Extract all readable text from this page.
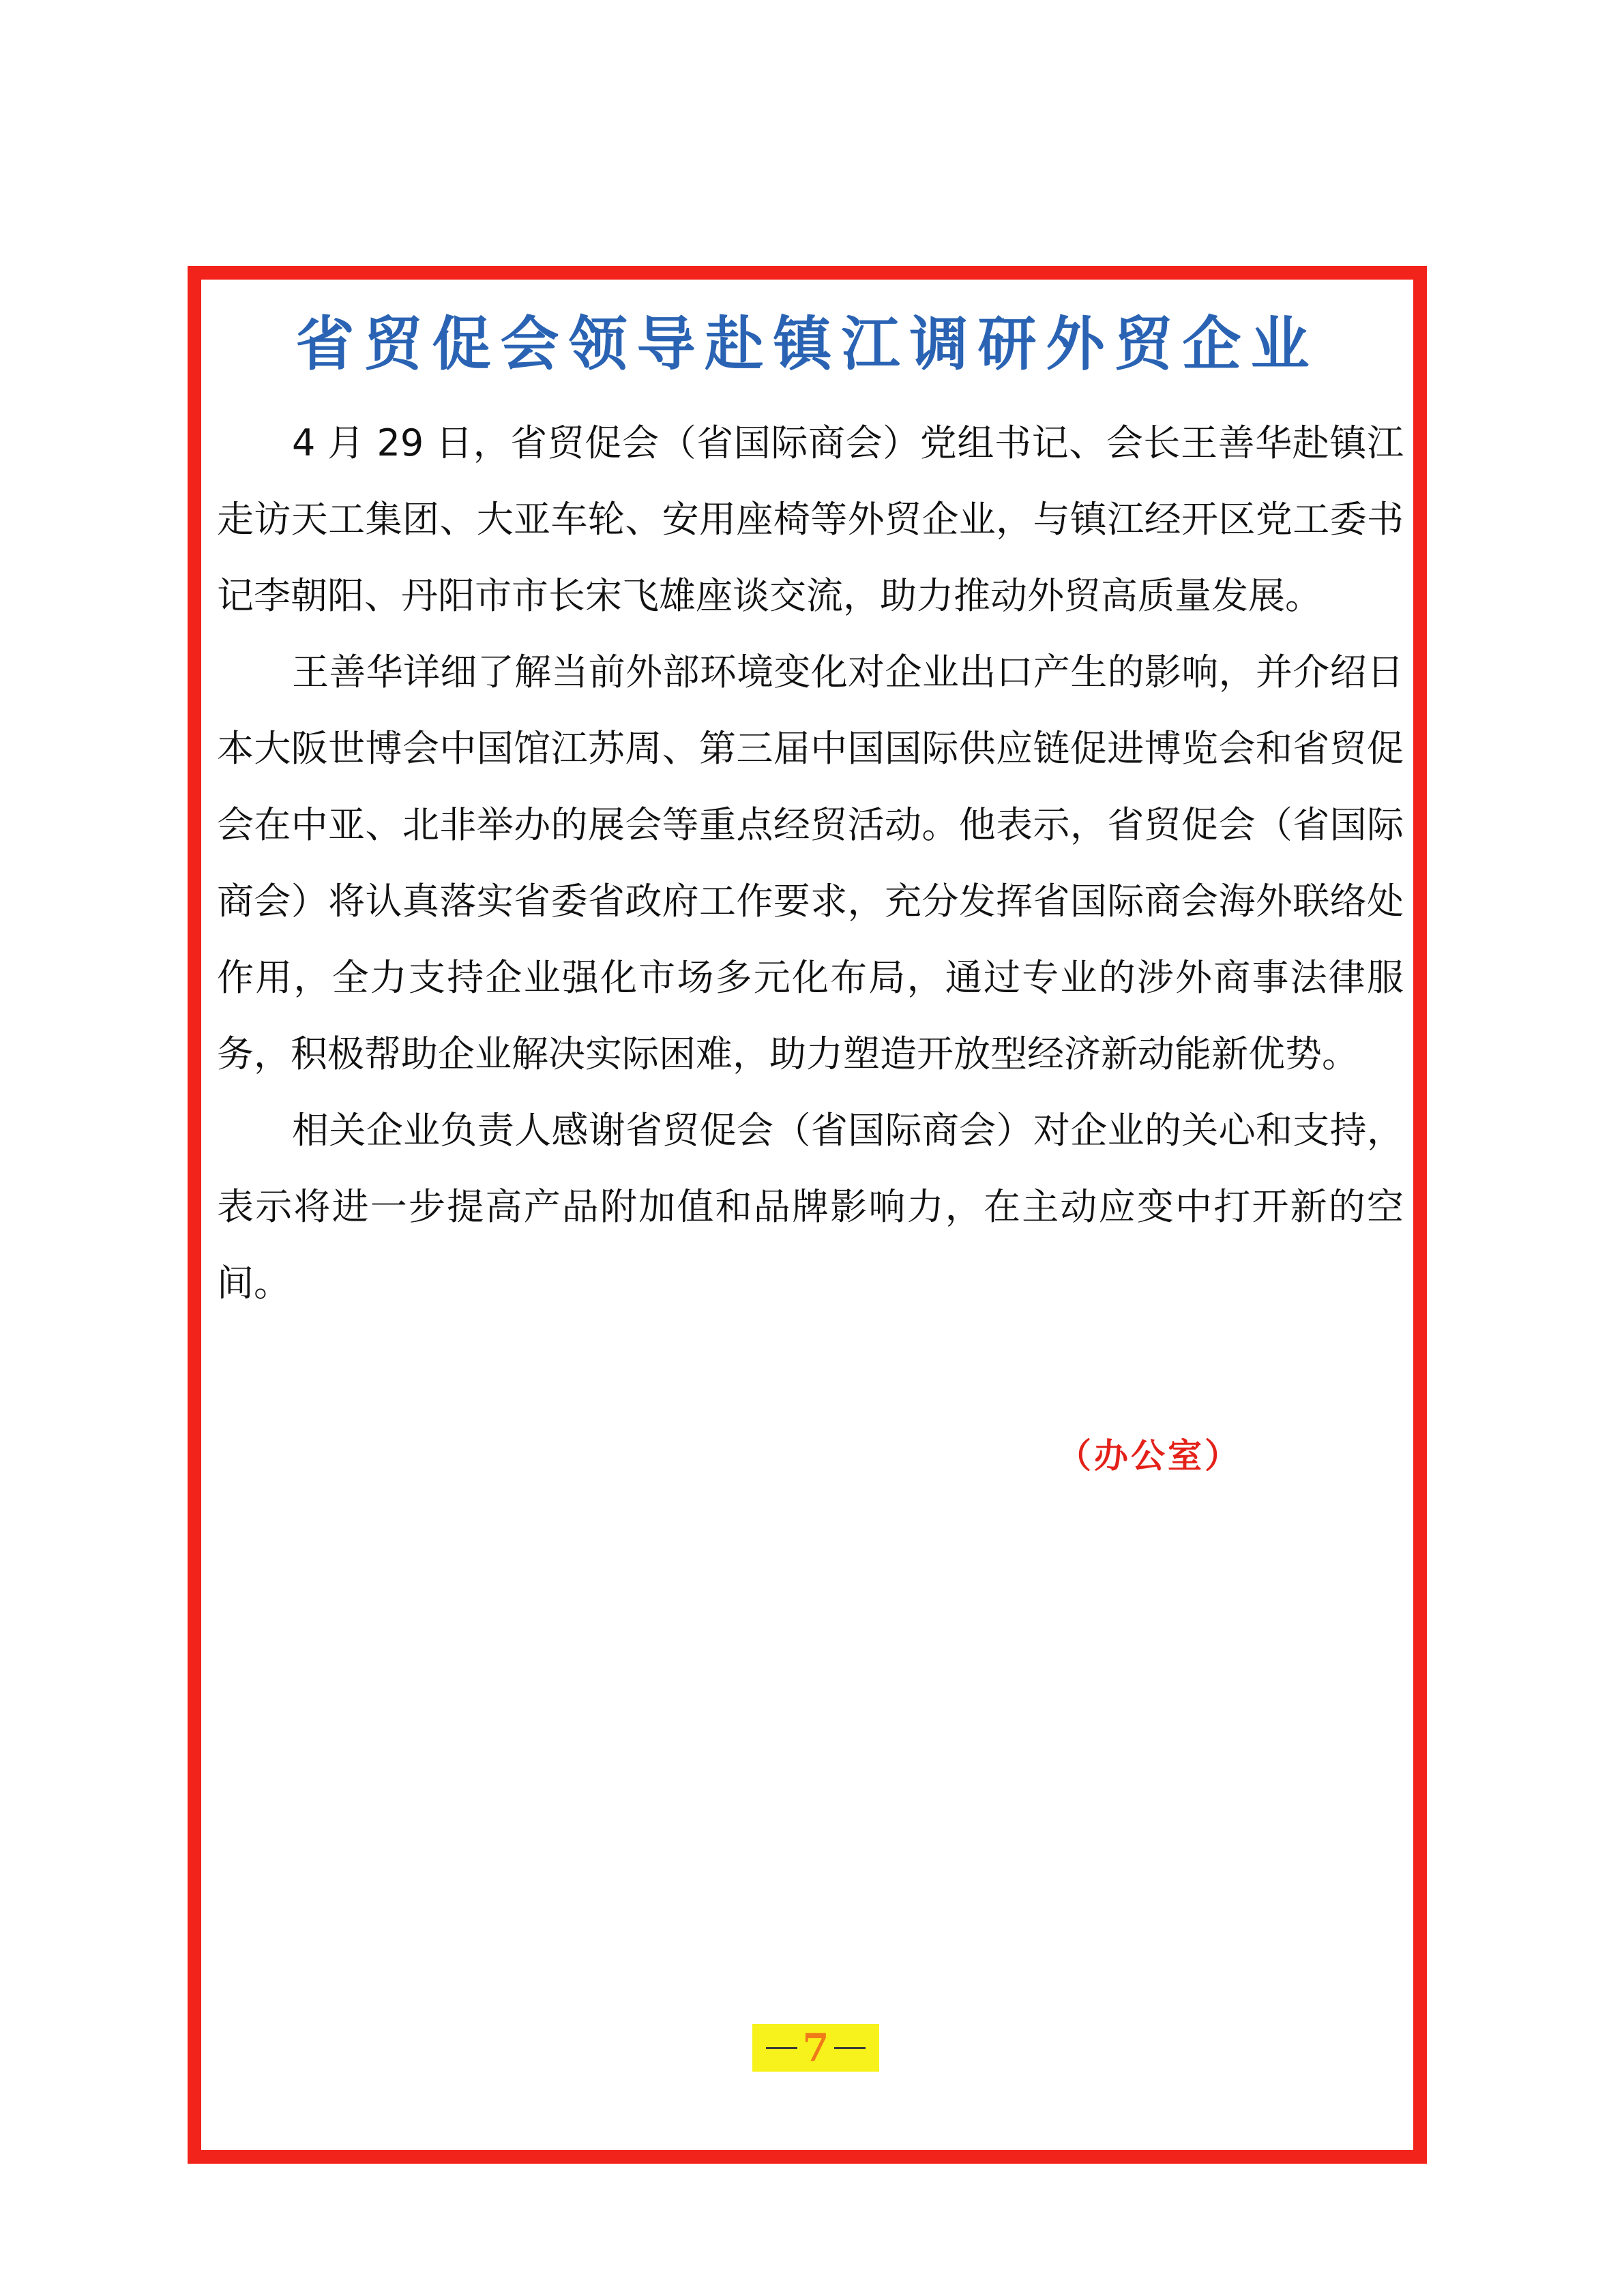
省贸促会领导赴镇江调研外贸企业

4 月 29 日，省贸促会（省国际商会）党组书记、会长王善华赴镇江走访天工集团、大亚车轮、安用座椅等外贸企业，与镇江经开区党工委书记李朝阳、丹阳市市长宋飞雄座谈交流，助力推动外贸高质量发展。

王善华详细了解当前外部环境变化对企业出口产生的影响，并介绍日本大阪世博会中国馆江苏周、第三届中国国际供应链促进博览会和省贸促会在中亚、北非举办的展会等重点经贸活动。他表示，省贸促会（省国际商会）将认真落实省委省政府工作要求，充分发挥省国际商会海外联络处作用，全力支持企业强化市场多元化布局，通过专业的涉外商事法律服务，积极帮助企业解决实际困难，助力塑造开放型经济新动能新优势。

相关企业负责人感谢省贸促会（省国际商会）对企业的关心和支持，表示将进一步提高产品附加值和品牌影响力，在主动应变中打开新的空间。

（办公室）
7
